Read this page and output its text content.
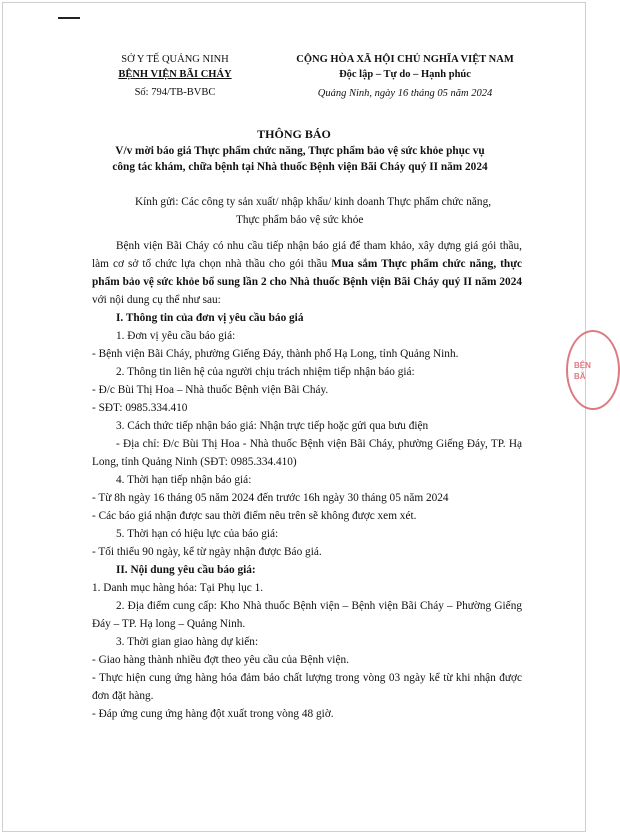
BỆN
BÃ
SỞ Y TẾ QUẢNG NINH
BỆNH VIỆN BÃI CHÁY
Số: 794/TB-BVBC
CỘNG HÒA XÃ HỘI CHỦ NGHĨA VIỆT NAM
Độc lập – Tự do – Hạnh phúc
Quảng Ninh, ngày 16 tháng 05 năm 2024
THÔNG BÁO
V/v mời báo giá Thực phẩm chức năng, Thực phẩm bảo vệ sức khỏe phục vụ
công tác khám, chữa bệnh tại Nhà thuốc Bệnh viện Bãi Cháy quý II năm 2024
Kính gửi: Các công ty sản xuất/ nhập khẩu/ kinh doanh Thực phẩm chức năng,
Thực phẩm bảo vệ sức khỏe

Bệnh viện Bãi Cháy có nhu cầu tiếp nhận báo giá để tham khảo, xây dựng giá gói thầu, làm cơ sở tổ chức lựa chọn nhà thầu cho gói thầu Mua sắm Thực phẩm chức năng, thực phẩm bảo vệ sức khỏe bổ sung lần 2 cho Nhà thuốc Bệnh viện Bãi Cháy quý II năm 2024 với nội dung cụ thể như sau:

I. Thông tin của đơn vị yêu cầu báo giá

1. Đơn vị yêu cầu báo giá:

- Bệnh viện Bãi Cháy, phường Giếng Đáy, thành phố Hạ Long, tỉnh Quảng Ninh.

2. Thông tin liên hệ của người chịu trách nhiệm tiếp nhận báo giá:

- Đ/c Bùi Thị Hoa – Nhà thuốc Bệnh viện Bãi Cháy.

- SĐT: 0985.334.410

3. Cách thức tiếp nhận báo giá: Nhận trực tiếp hoặc gửi qua bưu điện

- Địa chỉ: Đ/c Bùi Thị Hoa - Nhà thuốc Bệnh viện Bãi Cháy, phường Giếng Đáy, TP. Hạ Long, tỉnh Quảng Ninh (SĐT: 0985.334.410)

4. Thời hạn tiếp nhận báo giá:

- Từ 8h ngày 16 tháng 05 năm 2024 đến trước 16h ngày 30 tháng 05 năm 2024

- Các báo giá nhận được sau thời điểm nêu trên sẽ không được xem xét.

5. Thời hạn có hiệu lực của báo giá:

- Tối thiểu 90 ngày, kể từ ngày nhận được Báo giá.

II. Nội dung yêu cầu báo giá:

1. Danh mục hàng hóa: Tại Phụ lục 1.

2. Địa điểm cung cấp: Kho Nhà thuốc Bệnh viện – Bệnh viện Bãi Cháy – Phường Giếng Đáy – TP. Hạ long – Quảng Ninh.

3. Thời gian giao hàng dự kiến:

- Giao hàng thành nhiều đợt theo yêu cầu của Bệnh viện.

- Thực hiện cung ứng hàng hóa đảm bảo chất lượng trong vòng 03 ngày kể từ khi nhận được đơn đặt hàng.

- Đáp ứng cung ứng hàng đột xuất trong vòng 48 giờ.
